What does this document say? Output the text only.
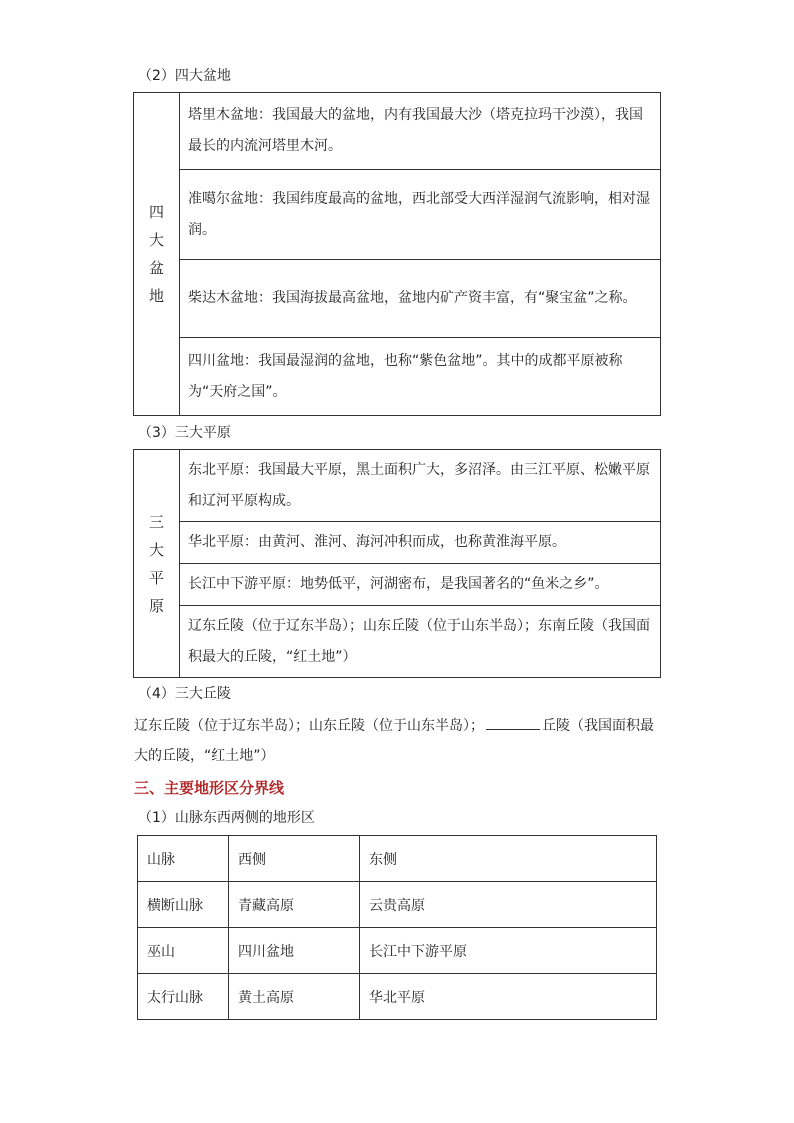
（2）四大盆地
四
大
盆
地
	塔里木盆地：我国最大的盆地，内有我国最大沙（塔克拉玛干沙漠），我国最长的内流河塔里木河。
准噶尔盆地：我国纬度最高的盆地，西北部受大西洋湿润气流影响，相对湿润。
柴达木盆地：我国海拔最高盆地，盆地内矿产资丰富，有“聚宝盆”之称。
四川盆地：我国最湿润的盆地，也称“紫色盆地”。其中的成都平原被称为“天府之国”。
（3）三大平原
三
大
平
原
	东北平原：我国最大平原，黑土面积广大，多沼泽。由三江平原、松嫩平原和辽河平原构成。
华北平原：由黄河、淮河、海河冲积而成，也称黄淮海平原。
长江中下游平原：地势低平，河湖密布，是我国著名的“鱼米之乡”。
辽东丘陵（位于辽东半岛）；山东丘陵（位于山东半岛）；东南丘陵（我国面积最大的丘陵，“红土地”）
（4）三大丘陵
辽东丘陵（位于辽东半岛）；山东丘陵（位于山东半岛）；	丘陵（我国面积最大的丘陵，“红土地”）
三、主要地形区分界线
（1）山脉东西两侧的地形区
山脉	西侧	东侧
横断山脉	青藏高原	云贵高原
巫山	四川盆地	长江中下游平原
太行山脉	黄土高原	华北平原
